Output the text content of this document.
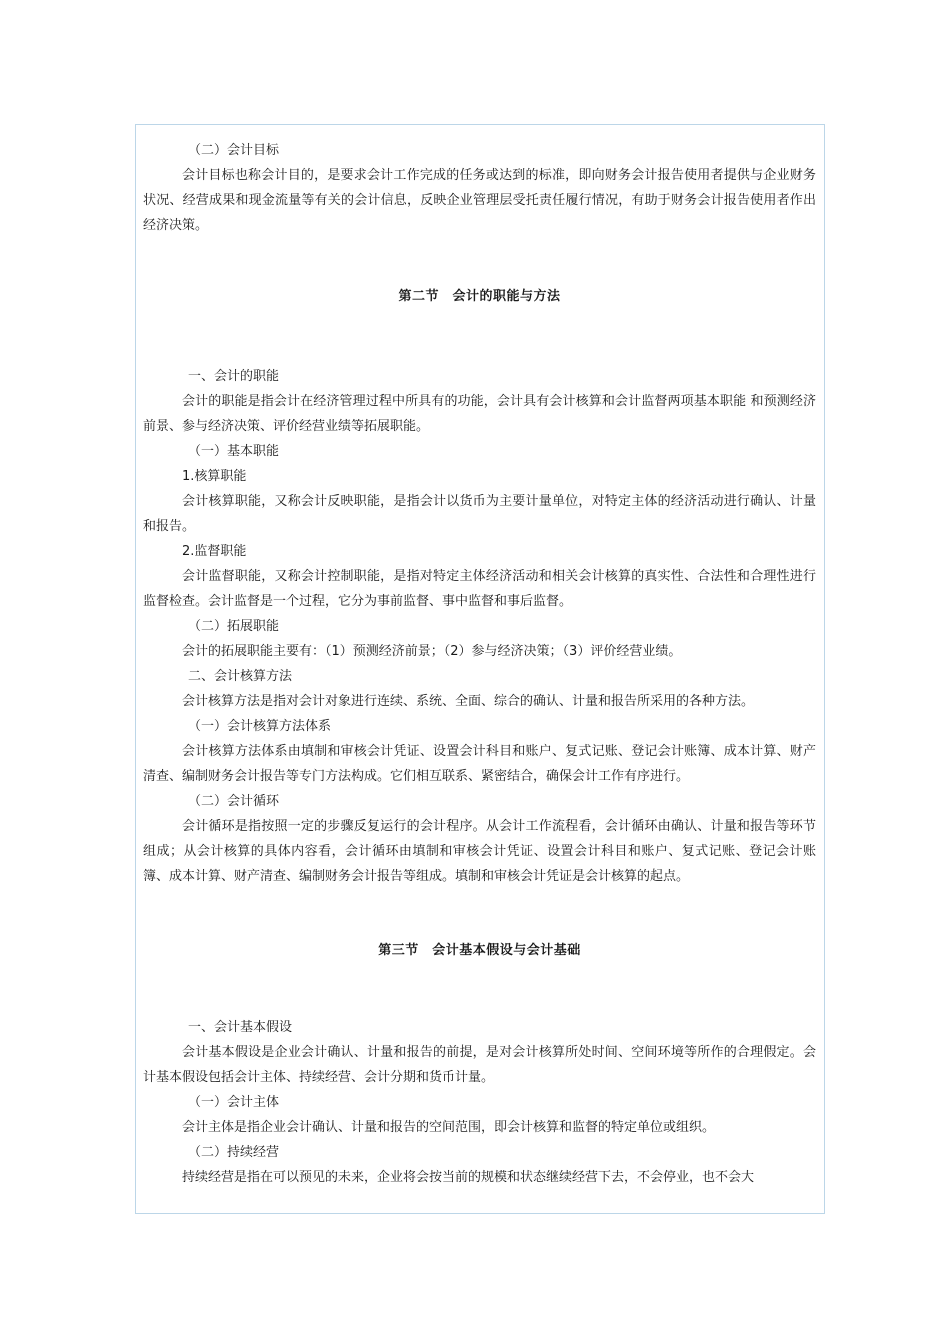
（二）会计目标

会计目标也称会计目的，是要求会计工作完成的任务或达到的标准，即向财务会计报告使用者提供与企业财务状况、经营成果和现金流量等有关的会计信息，反映企业管理层受托责任履行情况，有助于财务会计报告使用者作出经济决策。

第二节　会计的职能与方法

一、会计的职能

会计的职能是指会计在经济管理过程中所具有的功能，会计具有会计核算和会计监督两项基本职能 和预测经济前景、参与经济决策、评价经营业绩等拓展职能。

（一）基本职能

1.核算职能

会计核算职能，又称会计反映职能，是指会计以货币为主要计量单位，对特定主体的经济活动进行确认、计量和报告。

2.监督职能

会计监督职能，又称会计控制职能，是指对特定主体经济活动和相关会计核算的真实性、合法性和合理性进行监督检查。会计监督是一个过程，它分为事前监督、事中监督和事后监督。

（二）拓展职能

会计的拓展职能主要有：（1）预测经济前景；（2）参与经济决策；（3）评价经营业绩。

二、会计核算方法

会计核算方法是指对会计对象进行连续、系统、全面、综合的确认、计量和报告所采用的各种方法。

（一）会计核算方法体系

会计核算方法体系由填制和审核会计凭证、设置会计科目和账户、复式记账、登记会计账簿、成本计算、财产清查、编制财务会计报告等专门方法构成。它们相互联系、紧密结合，确保会计工作有序进行。

（二）会计循环

会计循环是指按照一定的步骤反复运行的会计程序。从会计工作流程看，会计循环由确认、计量和报告等环节组成；从会计核算的具体内容看，会计循环由填制和审核会计凭证、设置会计科目和账户、复式记账、登记会计账簿、成本计算、财产清查、编制财务会计报告等组成。填制和审核会计凭证是会计核算的起点。

第三节　会计基本假设与会计基础

一、会计基本假设

会计基本假设是企业会计确认、计量和报告的前提，是对会计核算所处时间、空间环境等所作的合理假定。会计基本假设包括会计主体、持续经营、会计分期和货币计量。

（一）会计主体

会计主体是指企业会计确认、计量和报告的空间范围，即会计核算和监督的特定单位或组织。

（二）持续经营

持续经营是指在可以预见的未来，企业将会按当前的规模和状态继续经营下去，不会停业，也不会大
